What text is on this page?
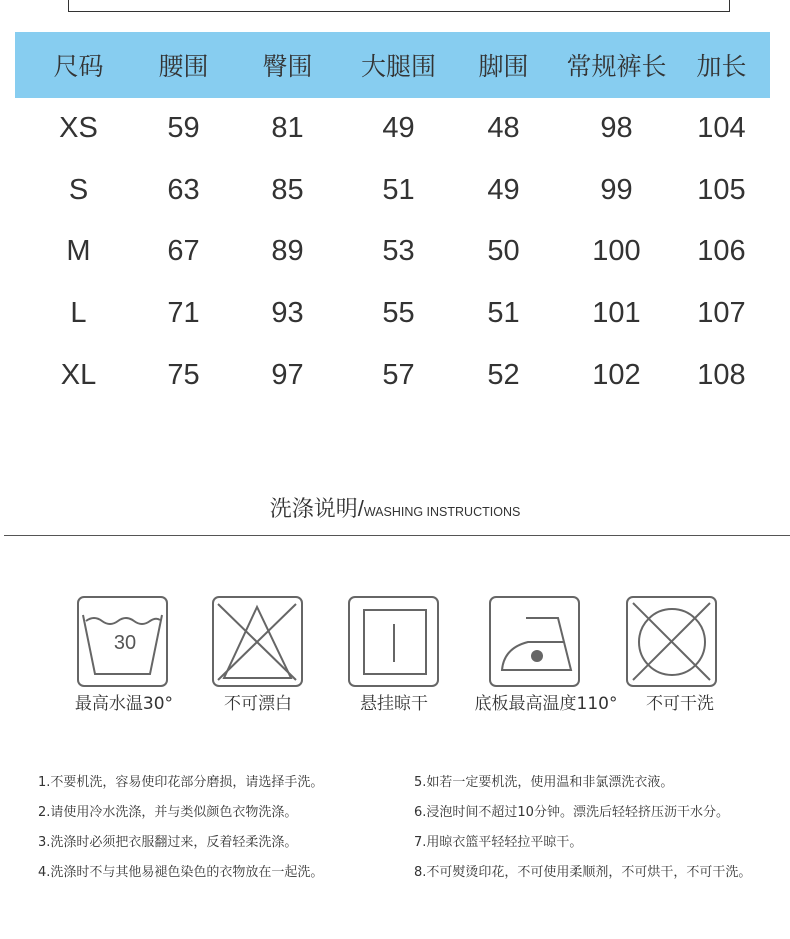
尺码	腰围	臀围	大腿围	脚围	常规裤长	加长
XS	59	81	49	48	98	104
S	63	85	51	49	99	105
M	67	89	53	50	100	106
L	71	93	55	51	101	107
XL	75	97	57	52	102	108
洗涤说明/WASHING INSTRUCTIONS
30
最高水温30°	不可漂白	悬挂晾干	底板最高温度110°	不可干洗
1.不要机洗，容易使印花部分磨损，请选择手洗。
2.请使用冷水洗涤，并与类似颜色衣物洗涤。
3.洗涤时必须把衣服翻过来，反着轻柔洗涤。
4.洗涤时不与其他易褪色染色的衣物放在一起洗。
5.如若一定要机洗，使用温和非氯漂洗衣液。
6.浸泡时间不超过10分钟。漂洗后轻轻挤压沥干水分。
7.用晾衣篮平轻轻拉平晾干。
8.不可熨烫印花，不可使用柔顺剂，不可烘干，不可干洗。
